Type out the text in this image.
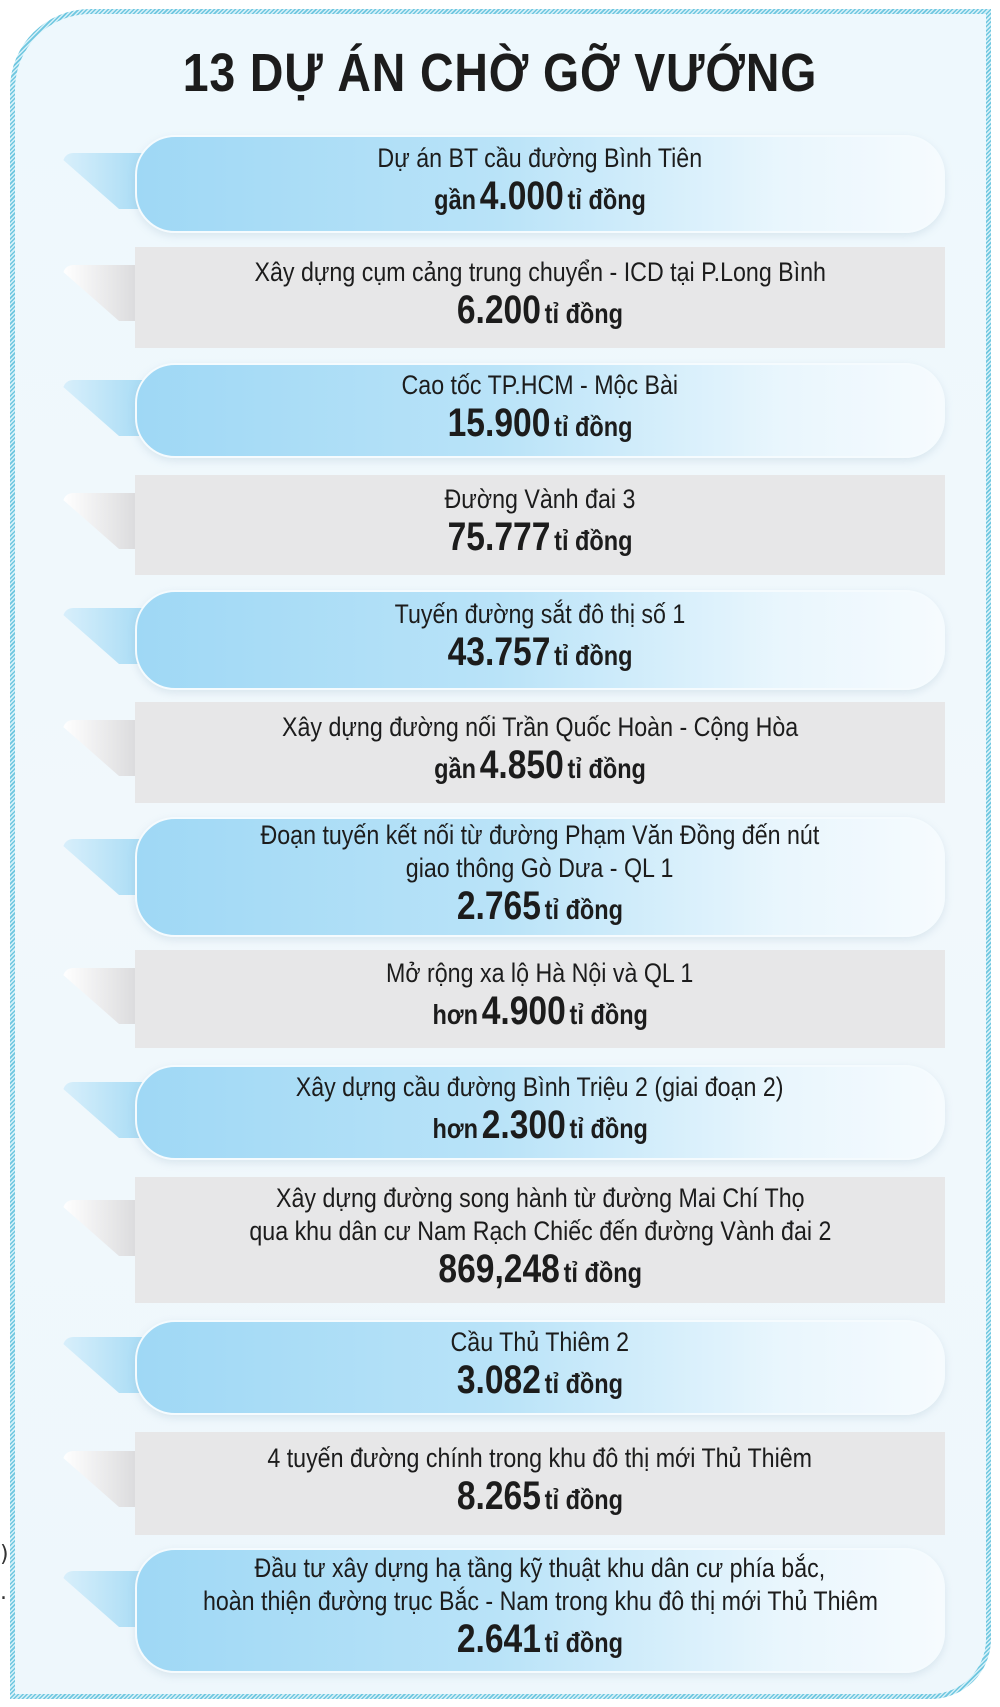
)
.
13 DỰ ÁN CHỜ GỠ VƯỚNG
Dự án BT cầu đường Bình Tiên
gần 4.000 tỉ đồng
Xây dựng cụm cảng trung chuyển - ICD tại P.Long Bình
6.200 tỉ đồng
Cao tốc TP.HCM - Mộc Bài
15.900 tỉ đồng
Đường Vành đai 3
75.777 tỉ đồng
Tuyến đường sắt đô thị số 1
43.757 tỉ đồng
Xây dựng đường nối Trần Quốc Hoàn - Cộng Hòa
gần 4.850 tỉ đồng
Đoạn tuyến kết nối từ đường Phạm Văn Đồng đến nút
giao thông Gò Dưa - QL 1
2.765 tỉ đồng
Mở rộng xa lộ Hà Nội và QL 1
hơn 4.900 tỉ đồng
Xây dựng cầu đường Bình Triệu 2 (giai đoạn 2)
hơn 2.300 tỉ đồng
Xây dựng đường song hành từ đường Mai Chí Thọ
qua khu dân cư Nam Rạch Chiếc đến đường Vành đai 2
869,248 tỉ đồng
Cầu Thủ Thiêm 2
3.082 tỉ đồng
4 tuyến đường chính trong khu đô thị mới Thủ Thiêm
8.265 tỉ đồng
Đầu tư xây dựng hạ tầng kỹ thuật khu dân cư phía bắc,
hoàn thiện đường trục Bắc - Nam trong khu đô thị mới Thủ Thiêm
2.641 tỉ đồng
